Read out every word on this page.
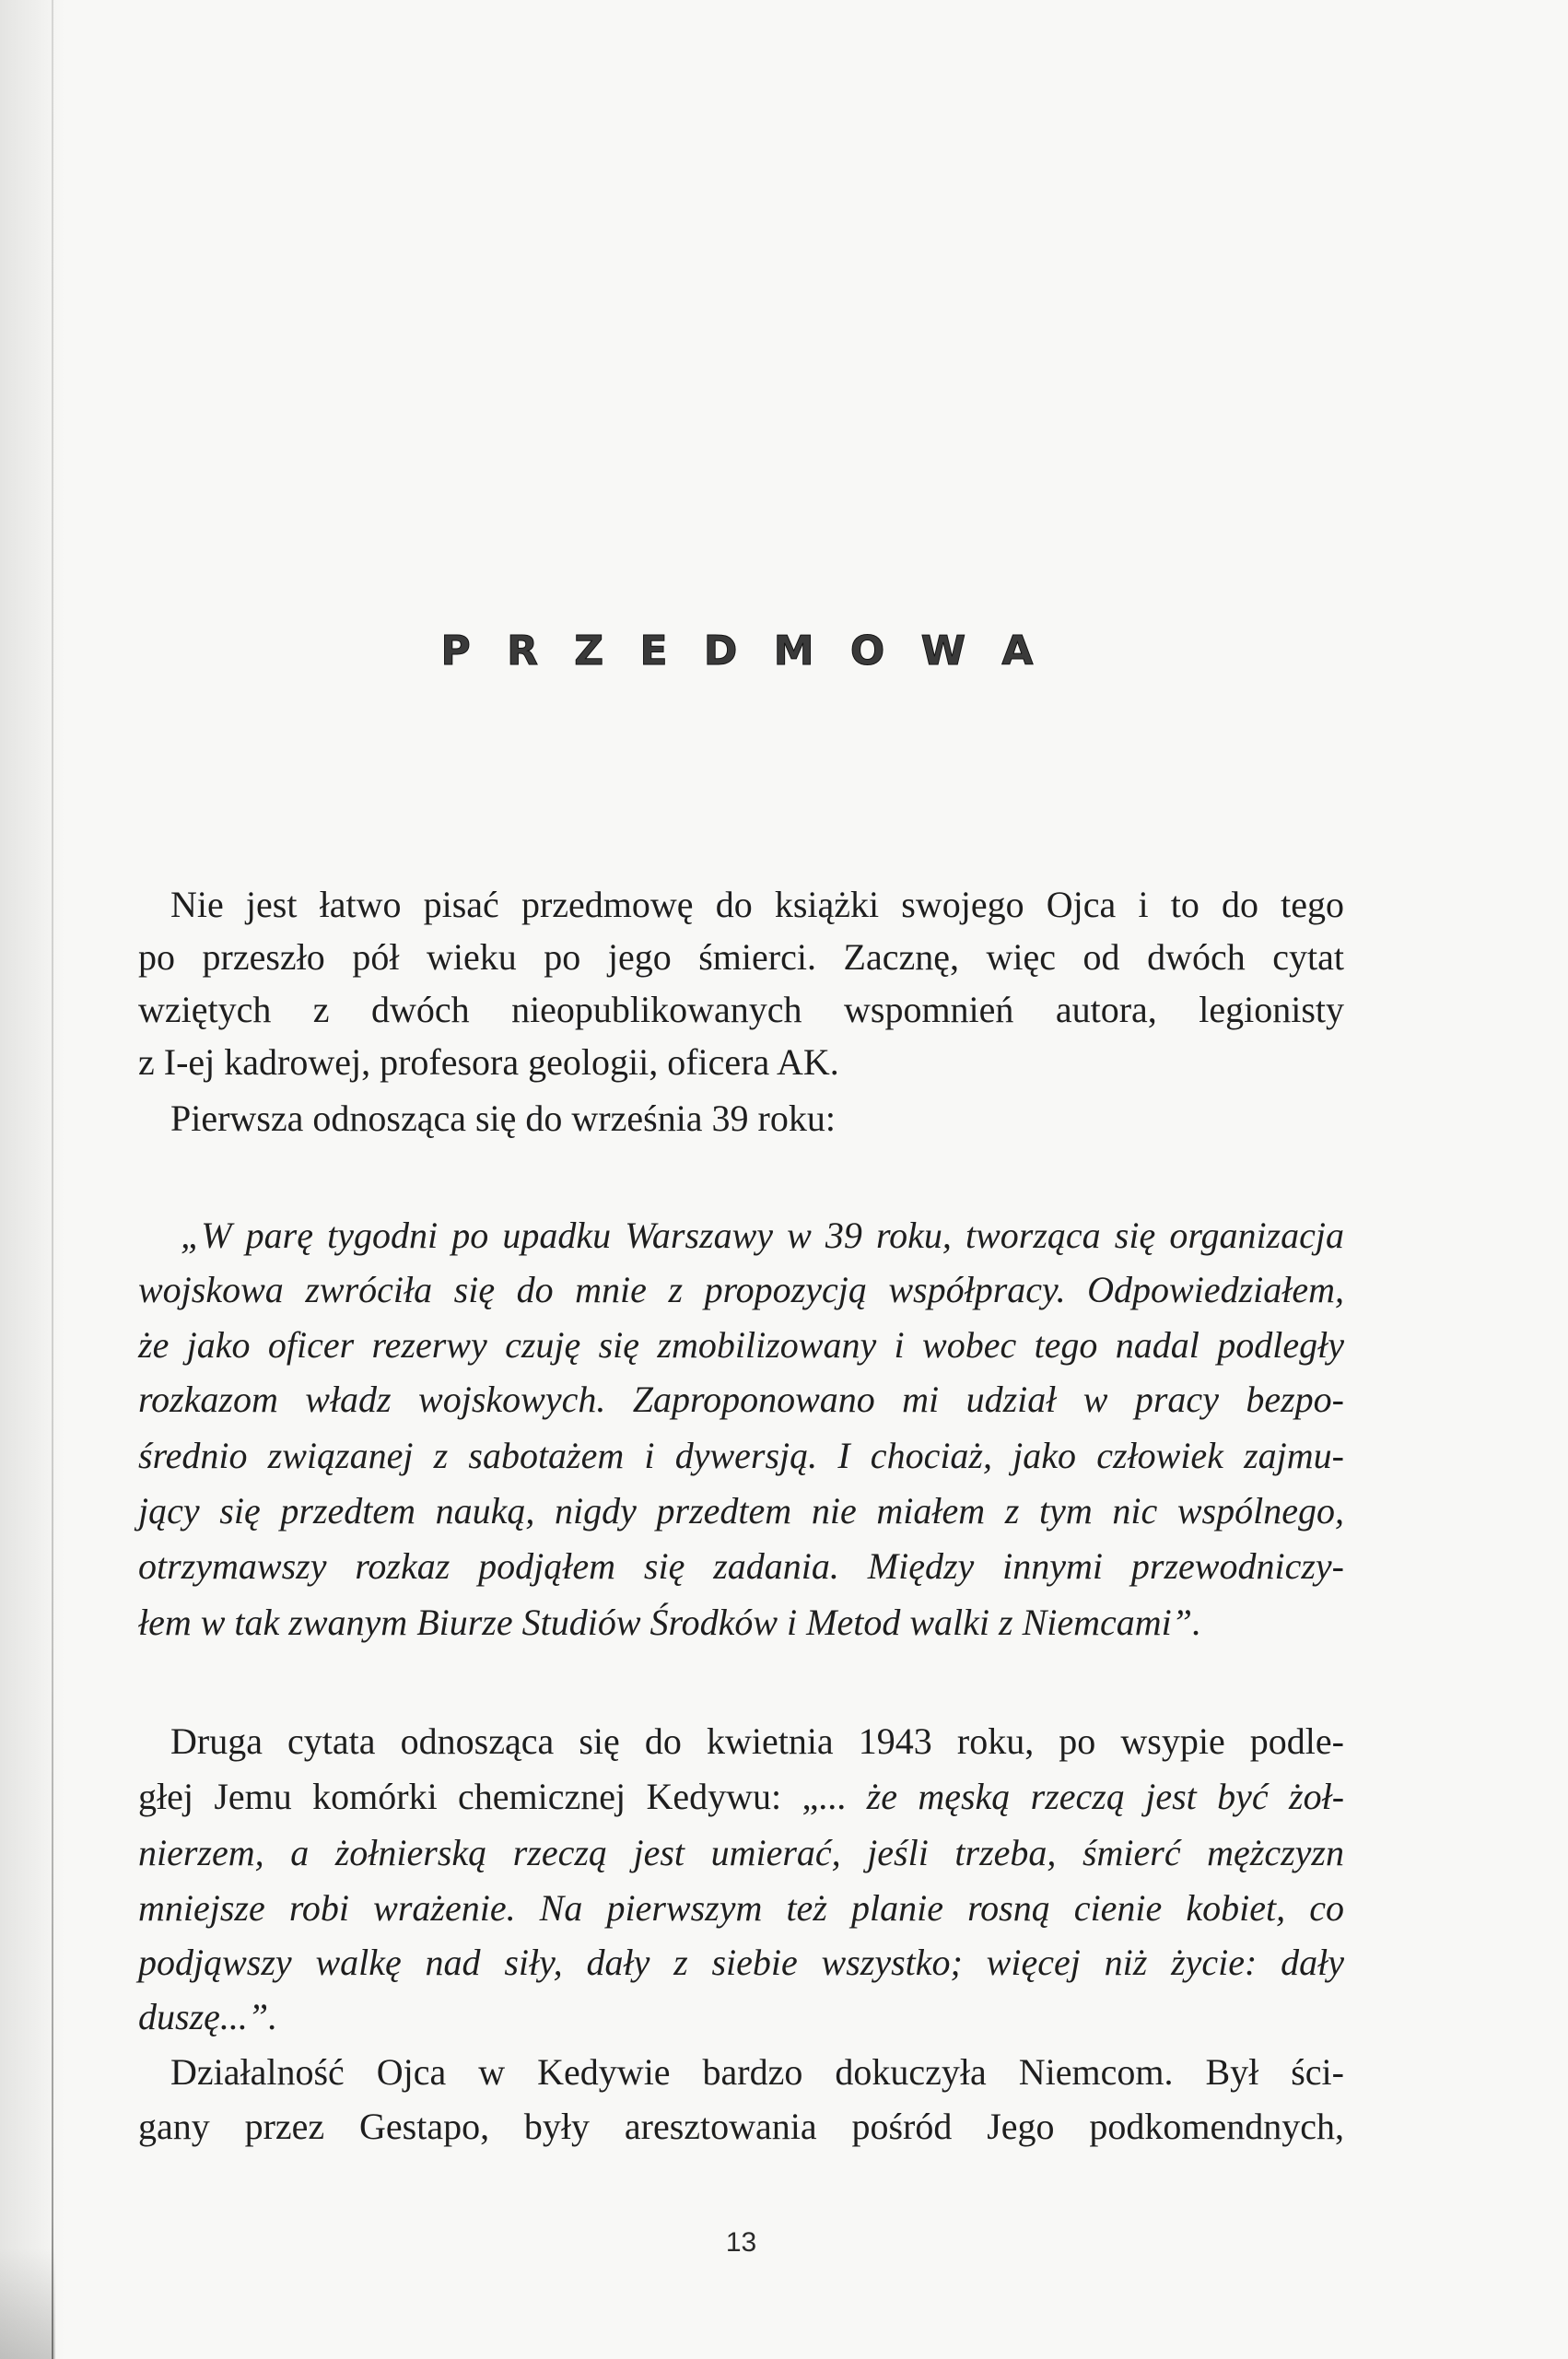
P R Z E D M O W A
Nie jest łatwo pisać przedmowę do książki swojego Ojca i to do tego
po przeszło pół wieku po jego śmierci. Zacznę, więc od dwóch cytat
wziętych z dwóch nieopublikowanych wspomnień autora, legionisty
z I-ej kadrowej, profesora geologii, oficera AK.
Pierwsza odnosząca się do września 39 roku:
„W parę tygodni po upadku Warszawy w 39 roku, tworząca się organizacja
wojskowa zwróciła się do mnie z propozycją współpracy. Odpowiedziałem,
że jako oficer rezerwy czuję się zmobilizowany i wobec tego nadal podległy
rozkazom władz wojskowych. Zaproponowano mi udział w pracy bezpo-
średnio związanej z sabotażem i dywersją. I chociaż, jako człowiek zajmu-
jący się przedtem nauką, nigdy przedtem nie miałem z tym nic wspólnego,
otrzymawszy rozkaz podjąłem się zadania. Między innymi przewodniczy-
łem w tak zwanym Biurze Studiów Środków i Metod walki z Niemcami”.
Druga cytata odnosząca się do kwietnia 1943 roku, po wsypie podle-
głej Jemu komórki chemicznej Kedywu: „... że męską rzeczą jest być żoł-
nierzem, a żołnierską rzeczą jest umierać, jeśli trzeba, śmierć mężczyzn
mniejsze robi wrażenie. Na pierwszym też planie rosną cienie kobiet, co
podjąwszy walkę nad siły, dały z siebie wszystko; więcej niż życie: dały
duszę...”.
Działalność Ojca w Kedywie bardzo dokuczyła Niemcom. Był ści-
gany przez Gestapo, były aresztowania pośród Jego podkomendnych,
13
